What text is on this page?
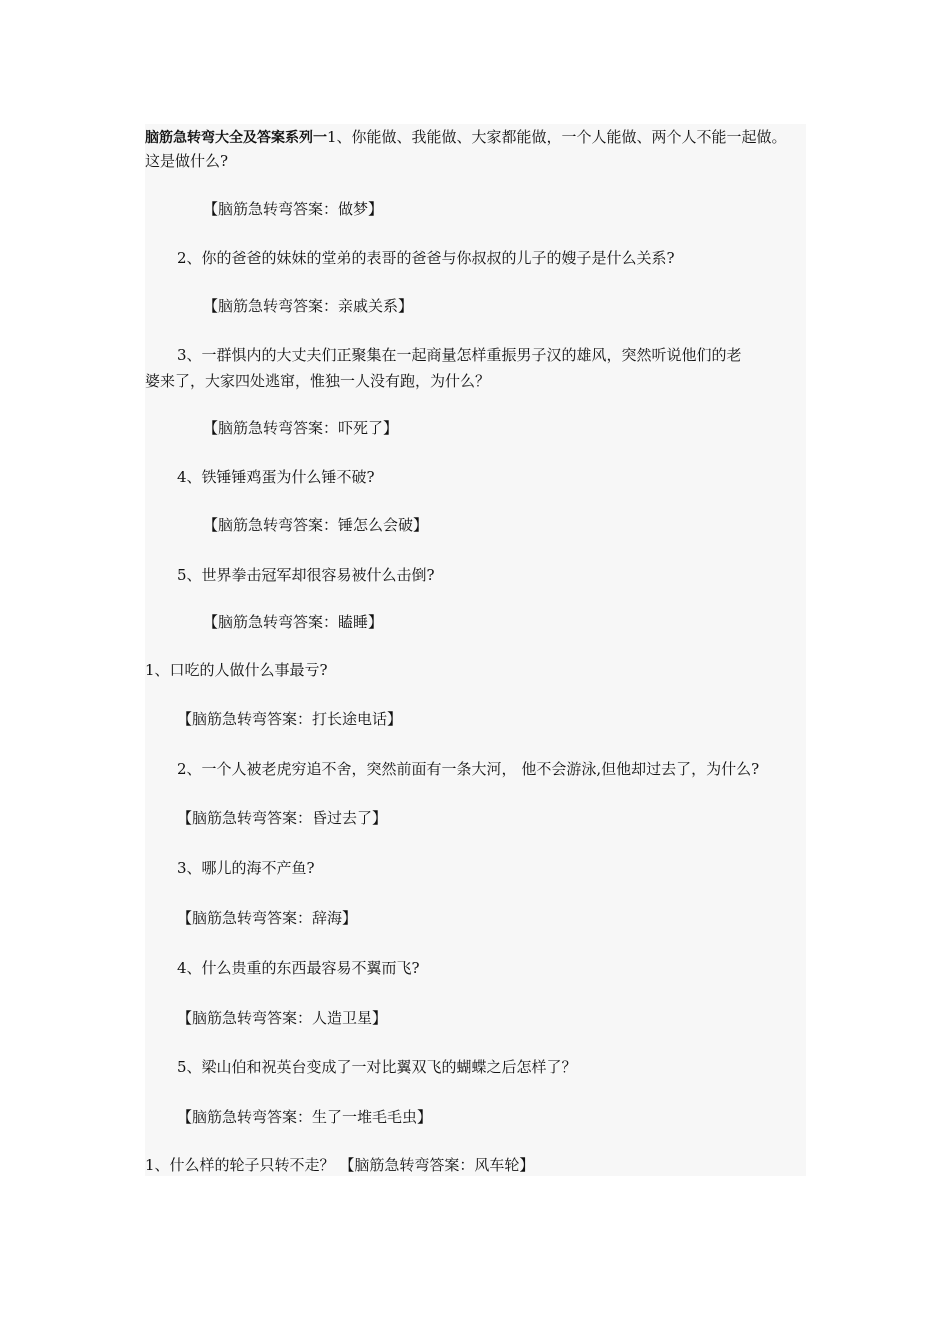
脑筋急转弯大全及答案系列一1、你能做、我能做、大家都能做，一个人能做、两个人不能一起做。
这是做什么?
【脑筋急转弯答案：做梦】
2、你的爸爸的妹妹的堂弟的表哥的爸爸与你叔叔的儿子的嫂子是什么关系?
【脑筋急转弯答案：亲戚关系】
3、一群惧内的大丈夫们正聚集在一起商量怎样重振男子汉的雄风，突然听说他们的老
婆来了，大家四处逃窜，惟独一人没有跑，为什么？
【脑筋急转弯答案：吓死了】
4、铁锤锤鸡蛋为什么锤不破?
【脑筋急转弯答案：锤怎么会破】
5、世界拳击冠军却很容易被什么击倒?
【脑筋急转弯答案：瞌睡】
1、口吃的人做什么事最亏?
【脑筋急转弯答案：打长途电话】
2、一个人被老虎穷追不舍，突然前面有一条大河， 他不会游泳,但他却过去了，为什么?
【脑筋急转弯答案：昏过去了】
3、哪儿的海不产鱼?
【脑筋急转弯答案：辞海】
4、什么贵重的东西最容易不翼而飞?
【脑筋急转弯答案：人造卫星】
5、梁山伯和祝英台变成了一对比翼双飞的蝴蝶之后怎样了？
【脑筋急转弯答案：生了一堆毛毛虫】
1、什么样的轮子只转不走？ 【脑筋急转弯答案：风车轮】
